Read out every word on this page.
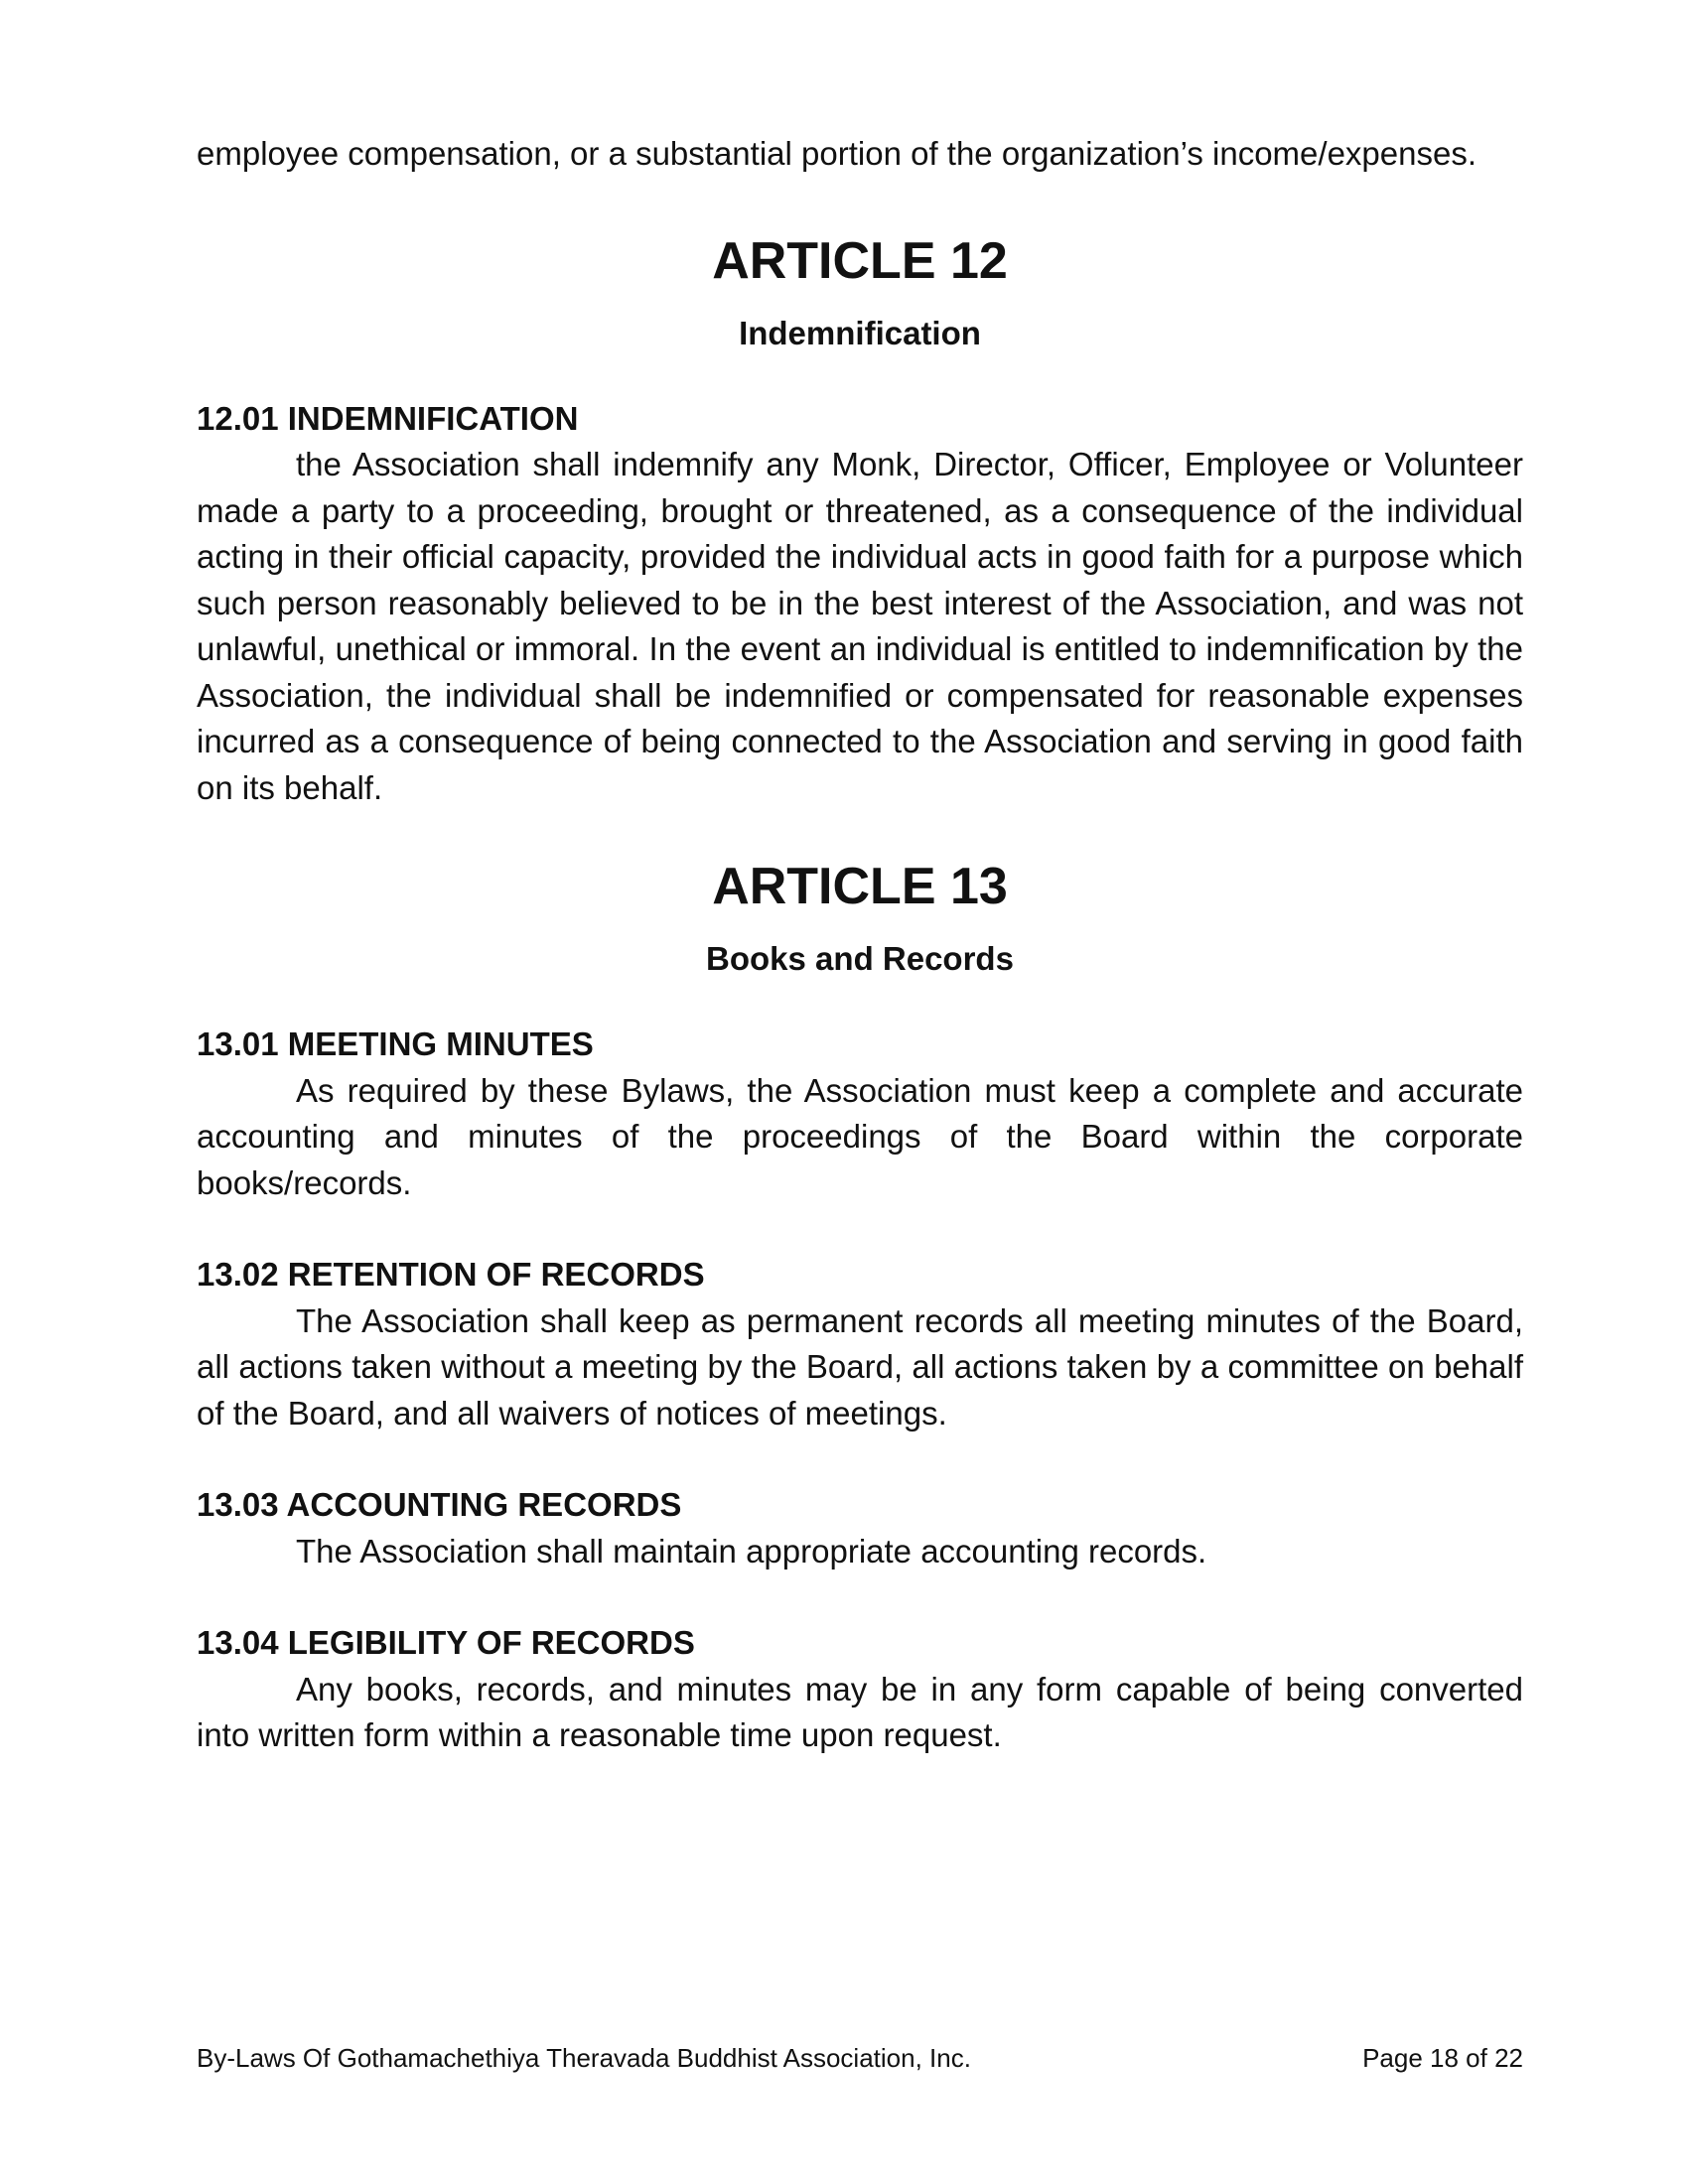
employee compensation, or a substantial portion of the organization’s income/expenses.

ARTICLE 12
Indemnification
12.01 INDEMNIFICATION

the Association shall indemnify any Monk, Director, Officer, Employee or Volunteer made a party to a proceeding, brought or threatened, as a consequence of the individual acting in their official capacity, provided the individual acts in good faith for a purpose which such person reasonably believed to be in the best interest of the Association, and was not unlawful, unethical or immoral. In the event an individual is entitled to indemnification by the Association, the individual shall be indemnified or compensated for reasonable expenses incurred as a consequence of being connected to the Association and serving in good faith on its behalf.

ARTICLE 13
Books and Records
13.01 MEETING MINUTES

As required by these Bylaws, the Association must keep a complete and accurate accounting and minutes of the proceedings of the Board within the corporate books/records.

13.02 RETENTION OF RECORDS

The Association shall keep as permanent records all meeting minutes of the Board, all actions taken without a meeting by the Board, all actions taken by a committee on behalf of the Board, and all waivers of notices of meetings.

13.03 ACCOUNTING RECORDS

The Association shall maintain appropriate accounting records.

13.04 LEGIBILITY OF RECORDS

Any books, records, and minutes may be in any form capable of being converted into written form within a reasonable time upon request.

By-Laws Of Gothamachethiya Theravada Buddhist Association, Inc.	Page 18 of 22
